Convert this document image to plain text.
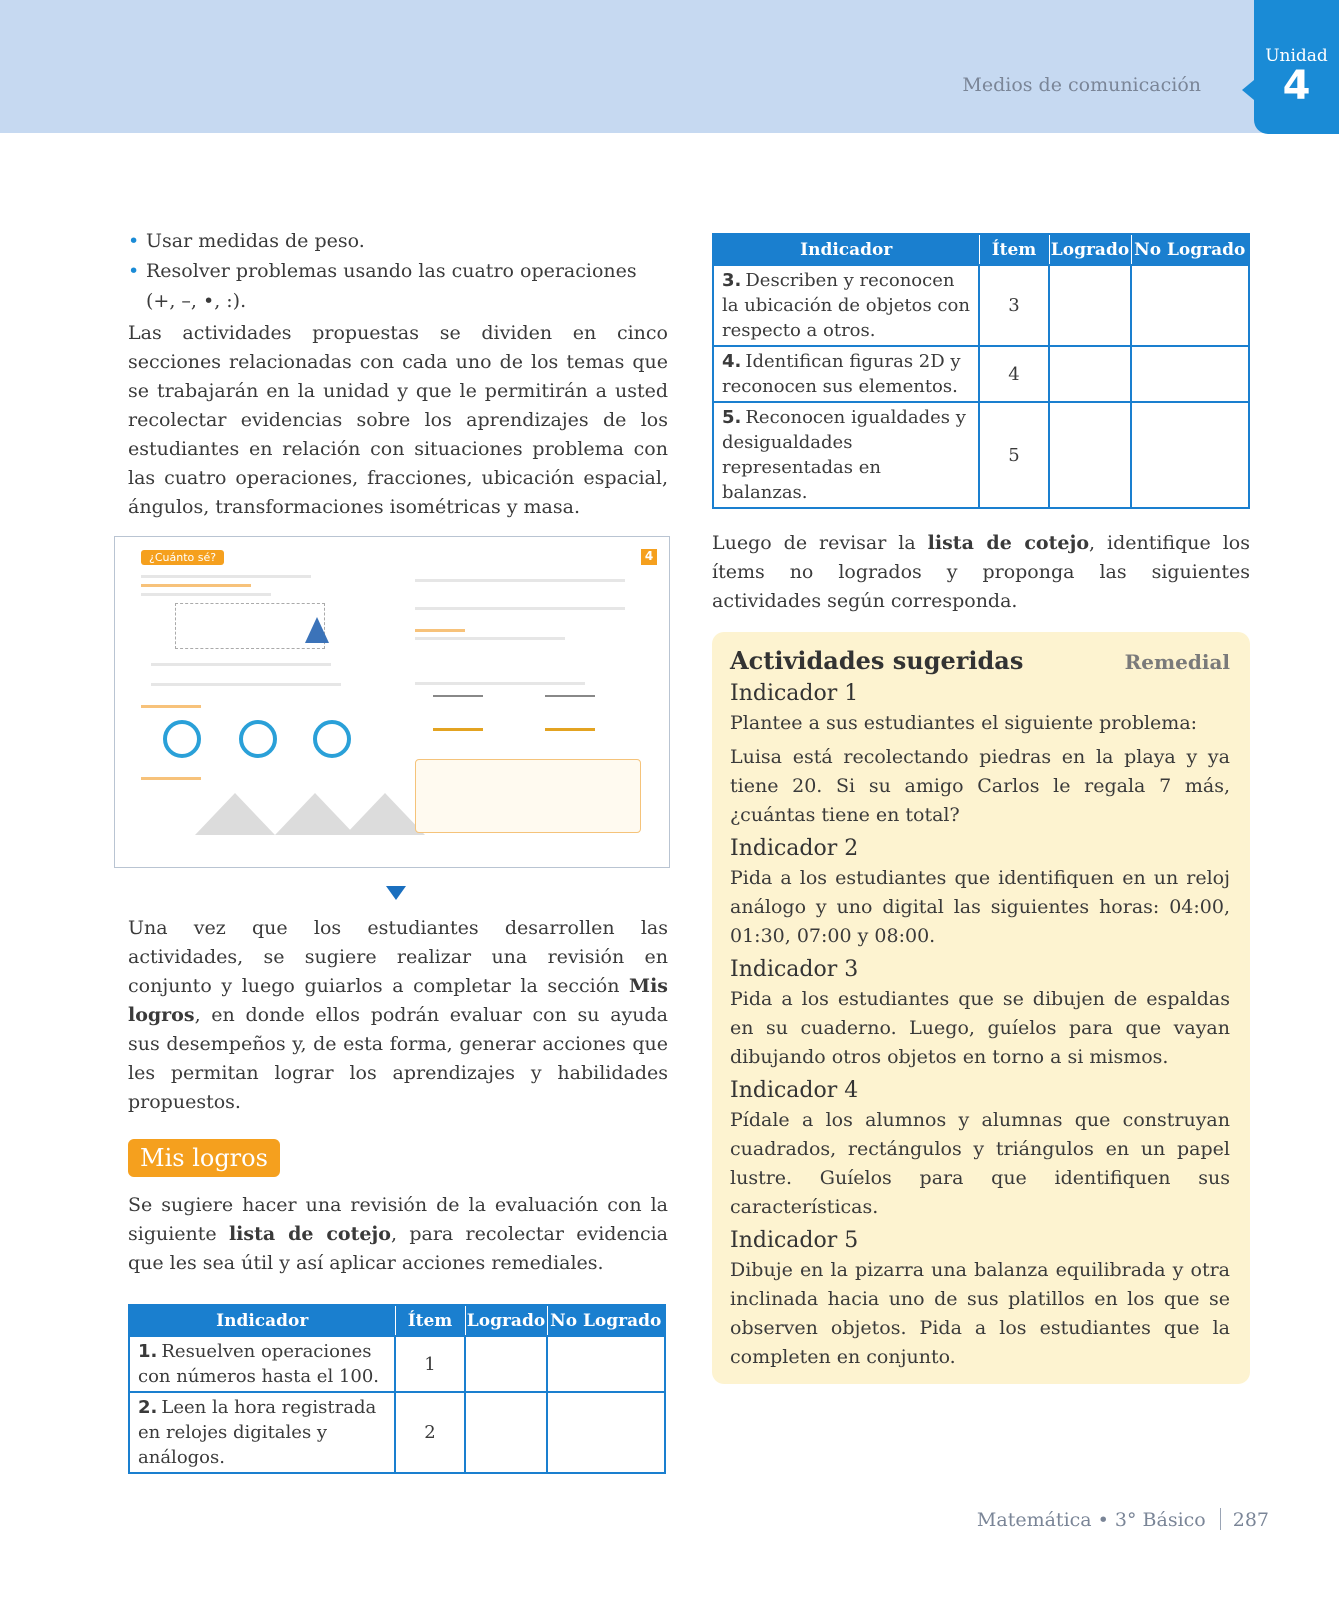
Medios de comunicación
Unidad
4
• Usar medidas de peso.
• Resolver problemas usando las cuatro operaciones (+, –, •, :).

Las actividades propuestas se dividen en cinco secciones relacionadas con cada uno de los temas que se trabajarán en la unidad y que le permitirán a usted recolectar evidencias sobre los aprendizajes de los estudiantes en relación con situaciones problema con las cuatro operaciones, fracciones, ubicación espacial, ángulos, transformaciones isométricas y masa.

¿Cuánto sé?	4

Una vez que los estudiantes desarrollen las actividades, se sugiere realizar una revisión en conjunto y luego guiarlos a completar la sección Mis logros, en donde ellos podrán evaluar con su ayuda sus desempeños y, de esta forma, generar acciones que les permitan lograr los aprendizajes y habilidades propuestos.

Mis logros

Se sugiere hacer una revisión de la evaluación con la siguiente lista de cotejo, para recolectar evidencia que les sea útil y así aplicar acciones remediales.

Indicador	Ítem	Logrado	No Logrado
1. Resuelven operaciones con números hasta el 100.	1		
2. Leen la hora registrada en relojes digitales y análogos.	2		
Indicador	Ítem	Logrado	No Logrado
3. Describen y reconocen la ubicación de objetos con respecto a otros.	3		
4. Identifican figuras 2D y reconocen sus elementos.	4		
5. Reconocen igualdades y desigualdades representadas en balanzas.	5		

Luego de revisar la lista de cotejo, identifique los ítems no logrados y proponga las siguientes actividades según corresponda.

Actividades sugeridas	Remedial
Indicador 1

Plantee a sus estudiantes el siguiente problema:

Luisa está recolectando piedras en la playa y ya tiene 20. Si su amigo Carlos le regala 7 más, ¿cuántas tiene en total?

Indicador 2

Pida a los estudiantes que identifiquen en un reloj análogo y uno digital las siguientes horas: 04:00, 01:30, 07:00 y 08:00.

Indicador 3

Pida a los estudiantes que se dibujen de espaldas en su cuaderno. Luego, guíelos para que vayan dibujando otros objetos en torno a si mismos.

Indicador 4

Pídale a los alumnos y alumnas que construyan cuadrados, rectángulos y triángulos en un papel lustre. Guíelos para que identifiquen sus características.

Indicador 5

Dibuje en la pizarra una balanza equilibrada y otra inclinada hacia uno de sus platillos en los que se observen objetos. Pida a los estudiantes que la completen en conjunto.

Matemática • 3° Básico 287
